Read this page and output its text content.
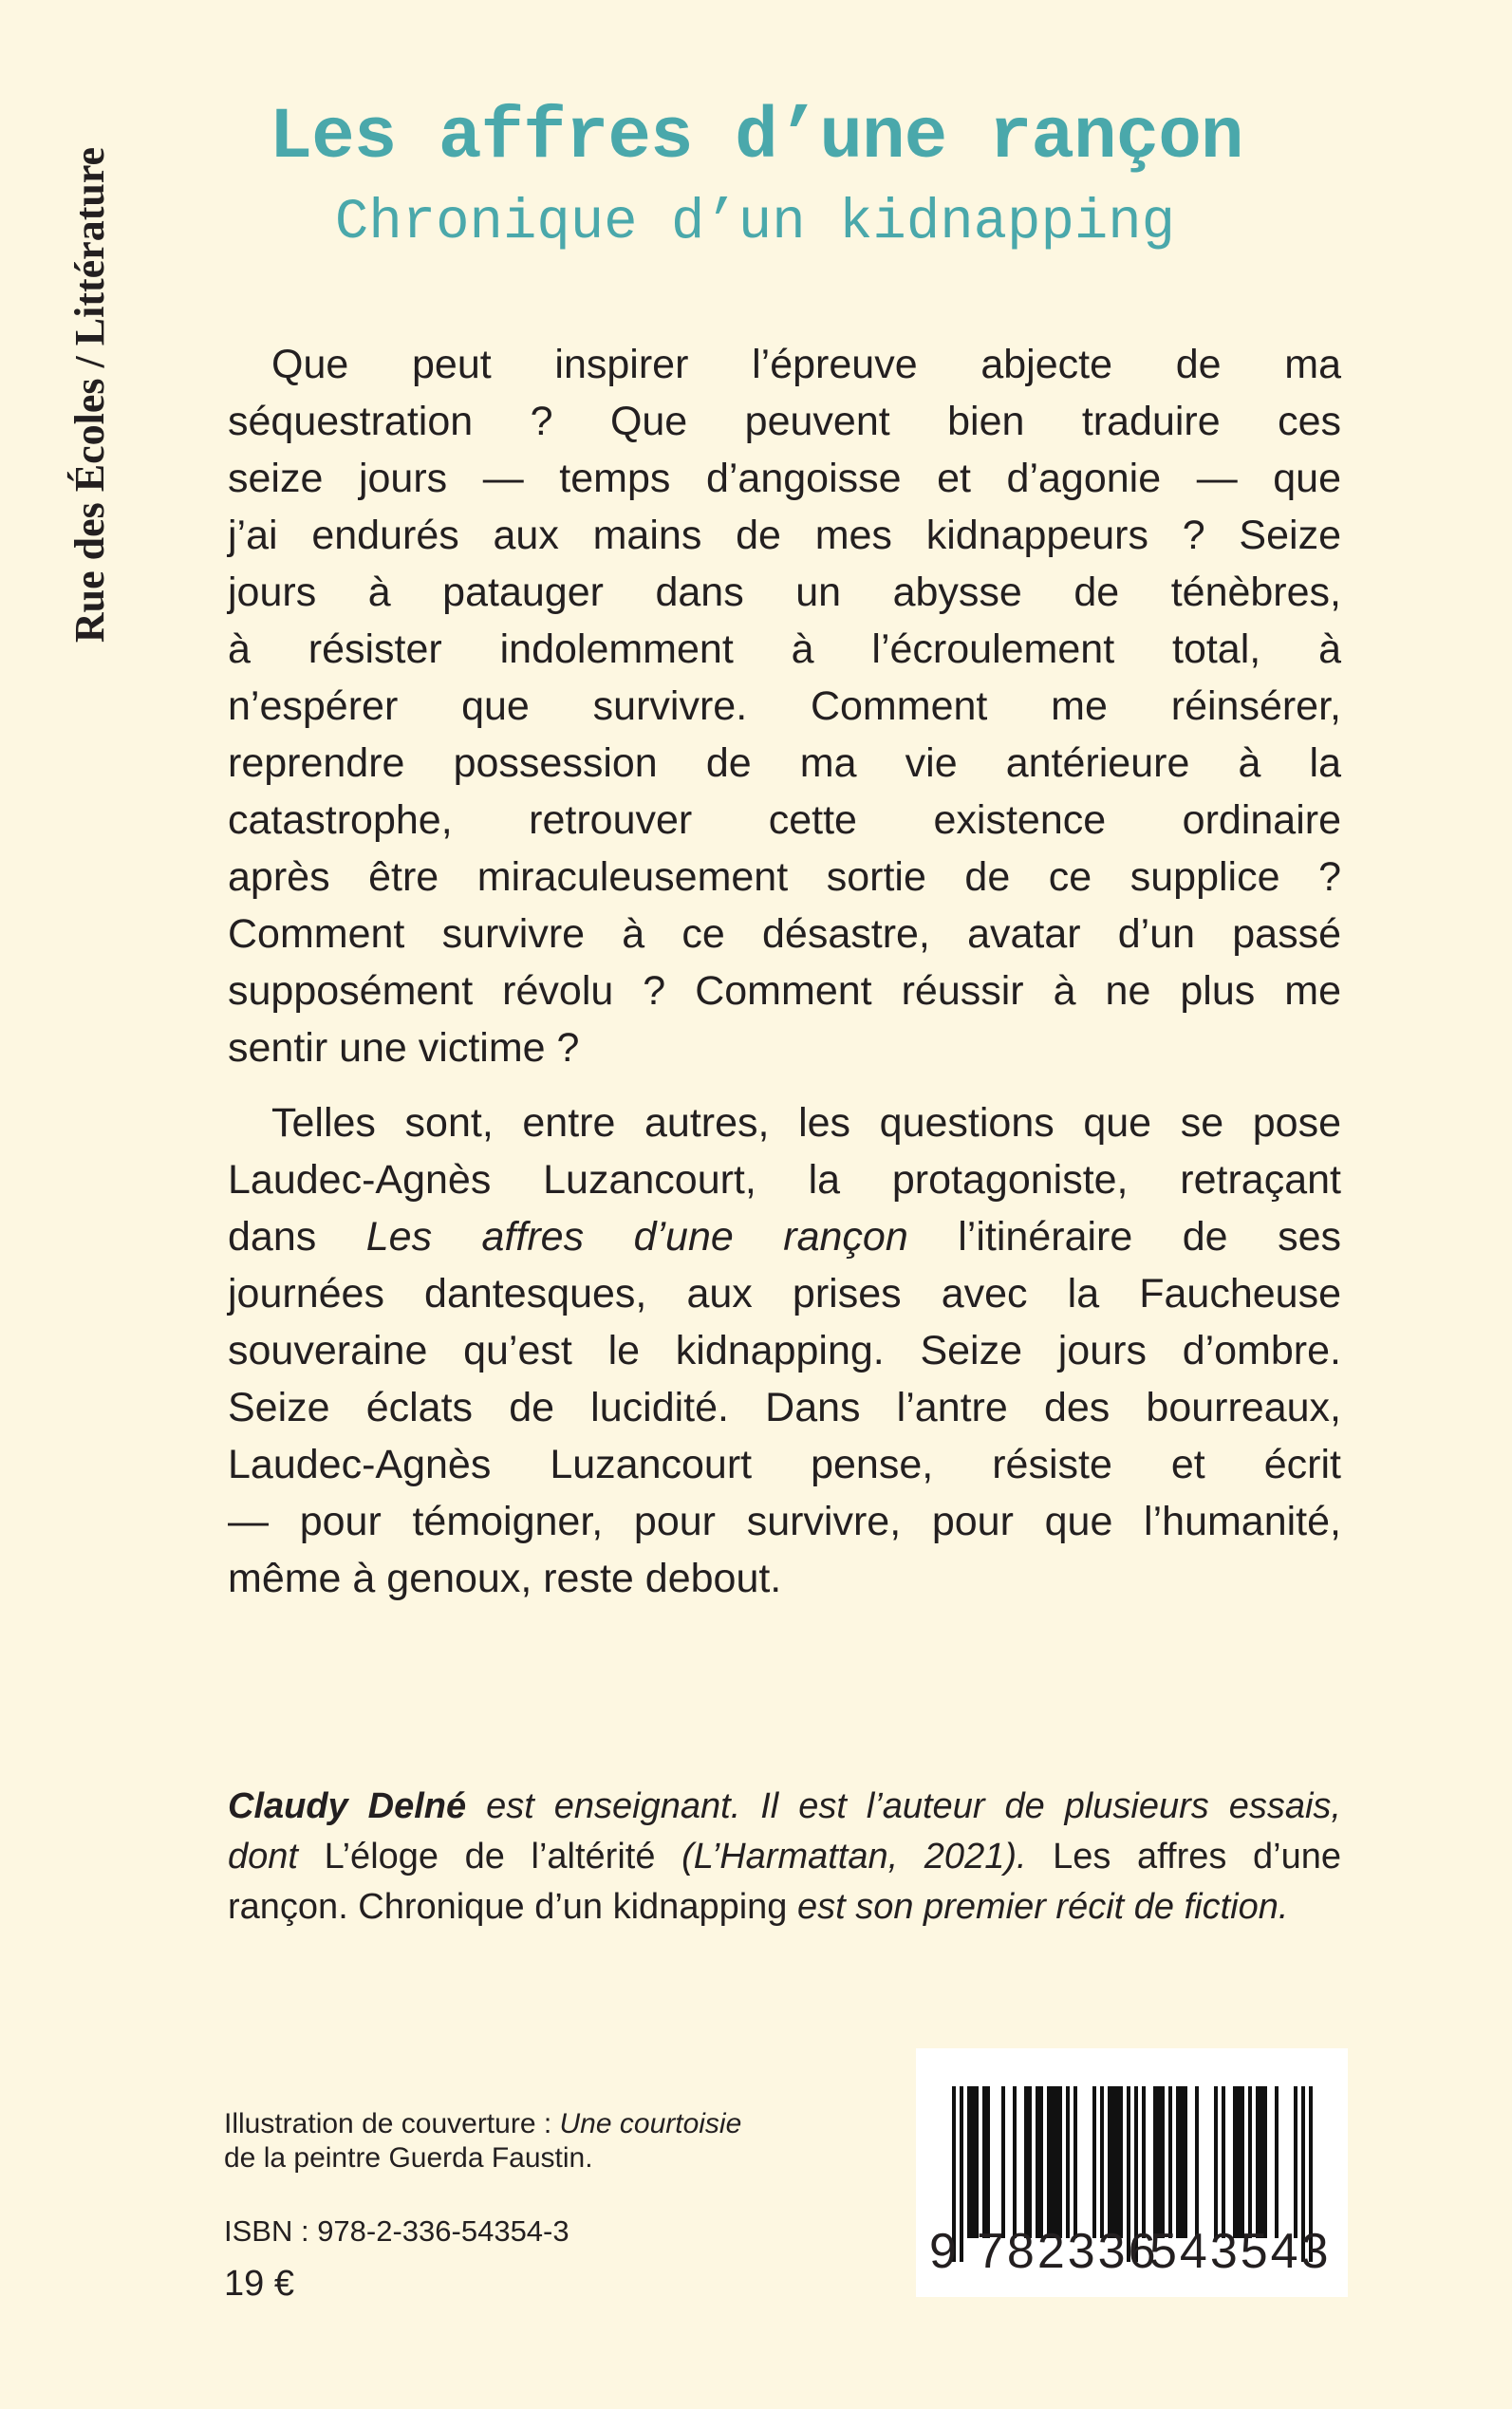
Rue des Écoles / Littérature
Les affres d’une rançon
Chronique d’un kidnapping
Que peut inspirer l’épreuve abjecte de ma
séquestration ? Que peuvent bien traduire ces
seize jours — temps d’angoisse et d’agonie — que
j’ai endurés aux mains de mes kidnappeurs ? Seize
jours à patauger dans un abysse de ténèbres,
à résister indolemment à l’écroulement total, à
n’espérer que survivre. Comment me réinsérer,
reprendre possession de ma vie antérieure à la
catastrophe, retrouver cette existence ordinaire
après être miraculeusement sortie de ce supplice ?
Comment survivre à ce désastre, avatar d’un passé
supposément révolu ? Comment réussir à ne plus me
sentir une victime ?
Telles sont, entre autres, les questions que se pose
Laudec-Agnès Luzancourt, la protagoniste, retraçant
dans Les affres d’une rançon l’itinéraire de ses
journées dantesques, aux prises avec la Faucheuse
souveraine qu’est le kidnapping. Seize jours d’ombre.
Seize éclats de lucidité. Dans l’antre des bourreaux,
Laudec-Agnès Luzancourt pense, résiste et écrit
— pour témoigner, pour survivre, pour que l’humanité,
même à genoux, reste debout.
Claudy Delné est enseignant. Il est l’auteur de plusieurs essais,
dont L’éloge de l’altérité (L’Harmattan, 2021). Les affres d’une
rançon. Chronique d’un kidnapping est son premier récit de fiction.
Illustration de couverture : Une courtoisie
de la peintre Guerda Faustin.
ISBN : 978-2-336-54354-3
19 €
9 782336
543543
